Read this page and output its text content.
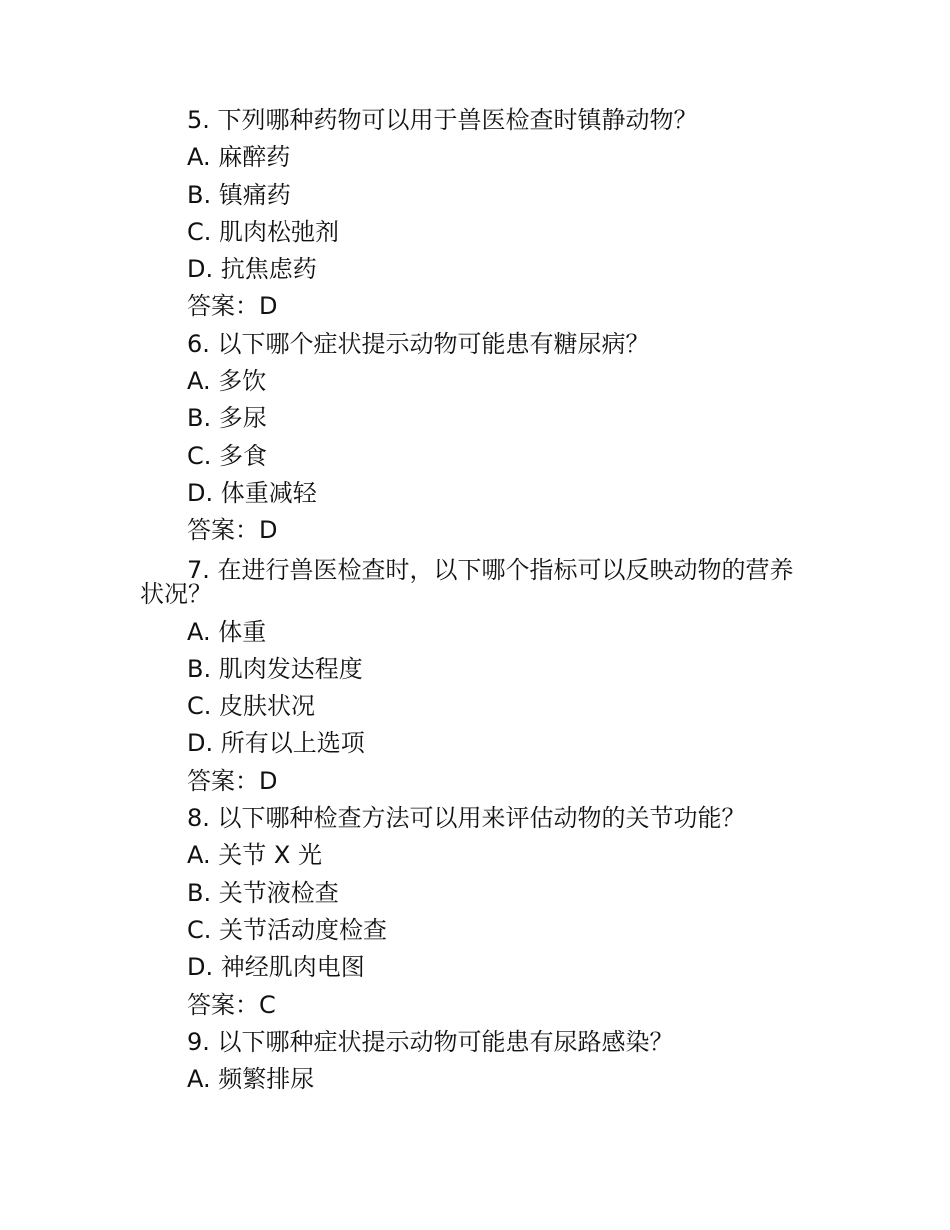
5. 下列哪种药物可以用于兽医检查时镇静动物？
A. 麻醉药
B. 镇痛药
C. 肌肉松弛剂
D. 抗焦虑药
答案：D
6. 以下哪个症状提示动物可能患有糖尿病？
A. 多饮
B. 多尿
C. 多食
D. 体重减轻
答案：D
7. 在进行兽医检查时，以下哪个指标可以反映动物的营养
状况？
A. 体重
B. 肌肉发达程度
C. 皮肤状况
D. 所有以上选项
答案：D
8. 以下哪种检查方法可以用来评估动物的关节功能？
A. 关节 X 光
B. 关节液检查
C. 关节活动度检查
D. 神经肌肉电图
答案：C
9. 以下哪种症状提示动物可能患有尿路感染？
A. 频繁排尿
